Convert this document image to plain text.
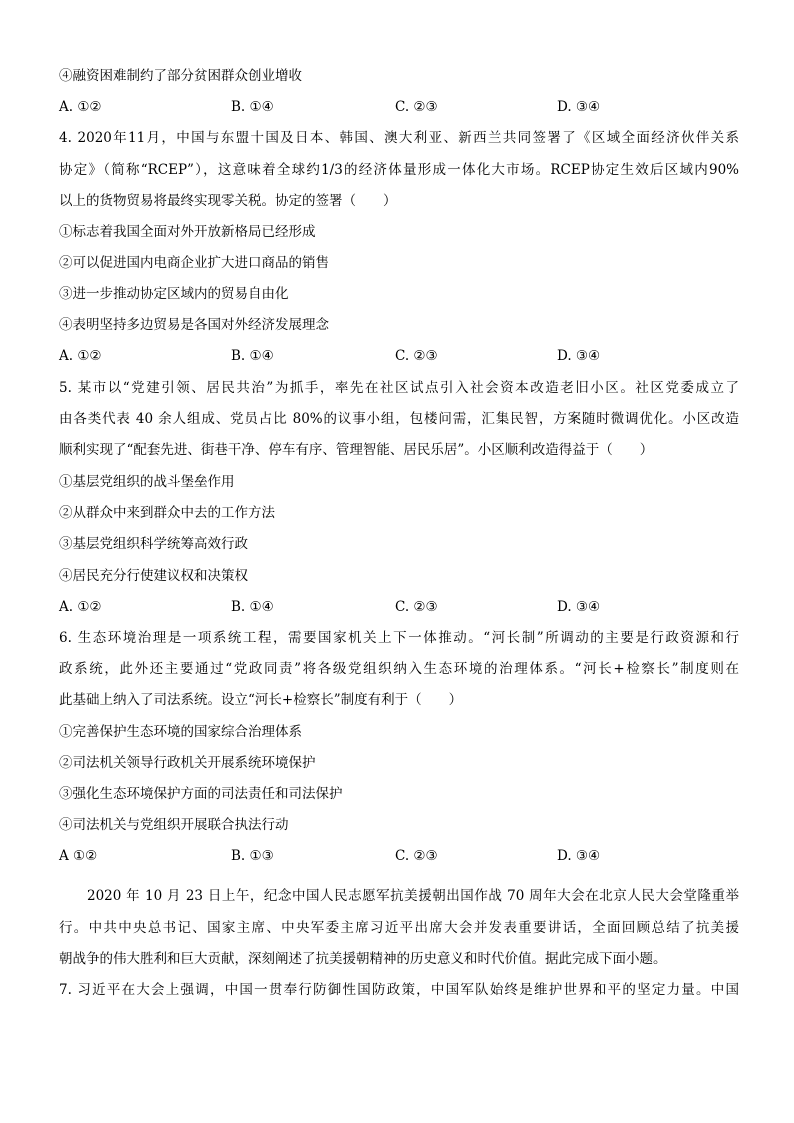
④融资困难制约了部分贫困群众创业增收
A. ①②	B. ①④	C. ②③	D. ③④
4. 2020年11月，中国与东盟十国及日本、韩国、澳大利亚、新西兰共同签署了《区域全面经济伙伴关系
协定》（简称“RCEP”），这意味着全球约1/3的经济体量形成一体化大市场。RCEP协定生效后区域内90%
以上的货物贸易将最终实现零关税。协定的签署（　　）
①标志着我国全面对外开放新格局已经形成
②可以促进国内电商企业扩大进口商品的销售
③进一步推动协定区域内的贸易自由化
④表明坚持多边贸易是各国对外经济发展理念
A. ①②	B. ①④	C. ②③	D. ③④
5. 某市以“党建引领、居民共治”为抓手，率先在社区试点引入社会资本改造老旧小区。社区党委成立了
由各类代表 40 余人组成、党员占比 80%的议事小组，包楼问需，汇集民智，方案随时微调优化。小区改造
顺利实现了“配套先进、街巷干净、停车有序、管理智能、居民乐居”。小区顺利改造得益于（　　）
①基层党组织的战斗堡垒作用
②从群众中来到群众中去的工作方法
③基层党组织科学统筹高效行政
④居民充分行使建议权和决策权
A. ①②	B. ①④	C. ②③	D. ③④
6. 生态环境治理是一项系统工程，需要国家机关上下一体推动。“河长制”所调动的主要是行政资源和行
政系统，此外还主要通过“党政同责”将各级党组织纳入生态环境的治理体系。“河长+检察长”制度则在
此基础上纳入了司法系统。设立“河长+检察长”制度有利于（　　）
①完善保护生态环境的国家综合治理体系
②司法机关领导行政机关开展系统环境保护
③强化生态环境保护方面的司法责任和司法保护
④司法机关与党组织开展联合执法行动
A ①②	B. ①③	C. ②③	D. ③④
2020 年 10 月 23 日上午，纪念中国人民志愿军抗美援朝出国作战 70 周年大会在北京人民大会堂隆重举
行。中共中央总书记、国家主席、中央军委主席习近平出席大会并发表重要讲话，全面回顾总结了抗美援
朝战争的伟大胜利和巨大贡献，深刻阐述了抗美援朝精神的历史意义和时代价值。据此完成下面小题。
7. 习近平在大会上强调，中国一贯奉行防御性国防政策，中国军队始终是维护世界和平的坚定力量。中国
